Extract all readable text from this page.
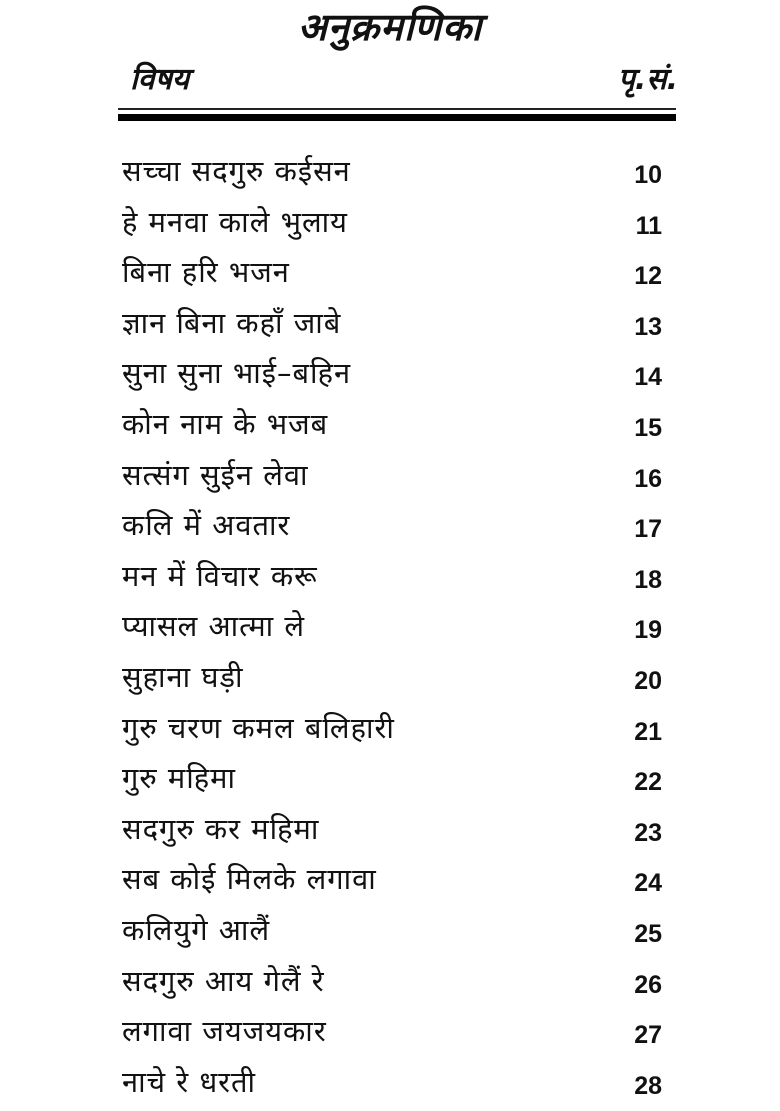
अनुक्रमणिका
विषय	पृ.सं.
सच्चा सदगुरु कईसन	10
हे मनवा काले भुलाय	11
बिना हरि भजन	12
ज्ञान बिना कहाँ जाबे	13
सुना सुना भाई–बहिन	14
कोन नाम के भजब	15
सत्संग सुईन लेवा	16
कलि में अवतार	17
मन में विचार करू	18
प्यासल आत्मा ले	19
सुहाना घड़ी	20
गुरु चरण कमल बलिहारी	21
गुरु महिमा	22
सदगुरु कर महिमा	23
सब कोई मिलके लगावा	24
कलियुगे आलैं	25
सदगुरु आय गेलैं रे	26
लगावा जयजयकार	27
नाचे रे धरती	28
